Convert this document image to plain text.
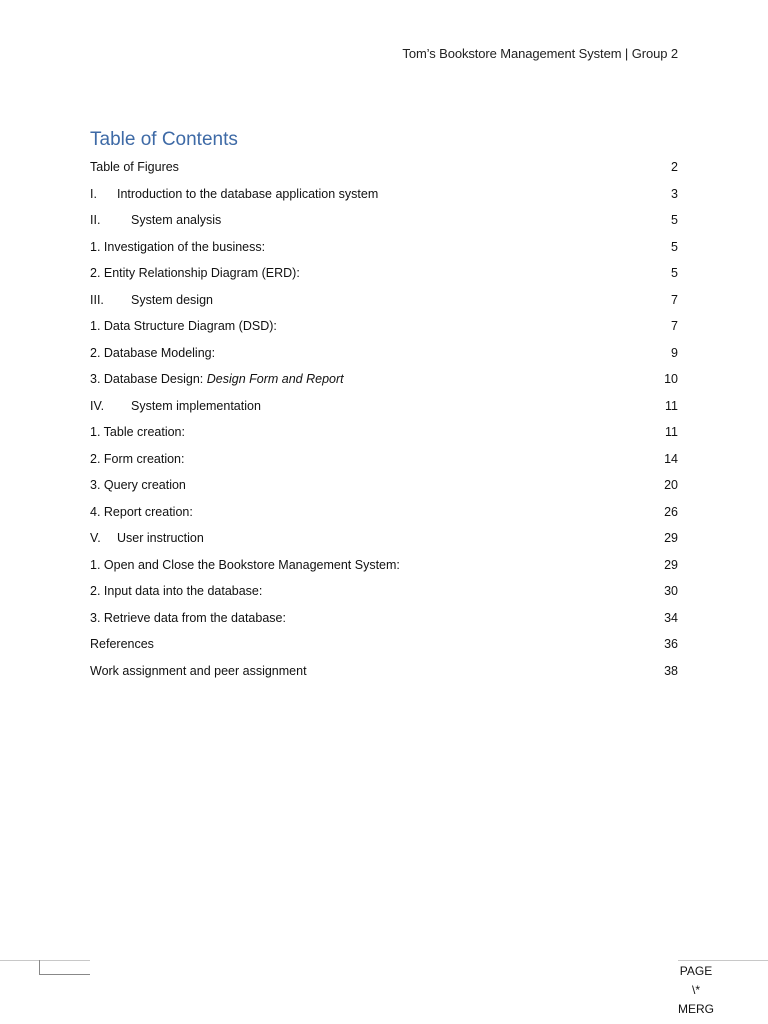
Tom’s Bookstore Management System | Group 2
Table of Contents
Table of Figures	2
I.	Introduction to the database application system	3
II.	System analysis	5
1. Investigation of the business:	5
2. Entity Relationship Diagram (ERD):	5
III.	System design	7
1. Data Structure Diagram (DSD):	7
2. Database Modeling:	9
3. Database Design: Design Form and Report	10
IV.	System implementation	11
1. Table creation:	11
2. Form creation:	14
3. Query creation	20
4. Report creation:	26
V.	User instruction	29
1. Open and Close the Bookstore Management System:	29
2. Input data into the database:	30
3. Retrieve data from the database:	34
References	36
Work assignment and peer assignment	38
PAGE
\*
MERG
